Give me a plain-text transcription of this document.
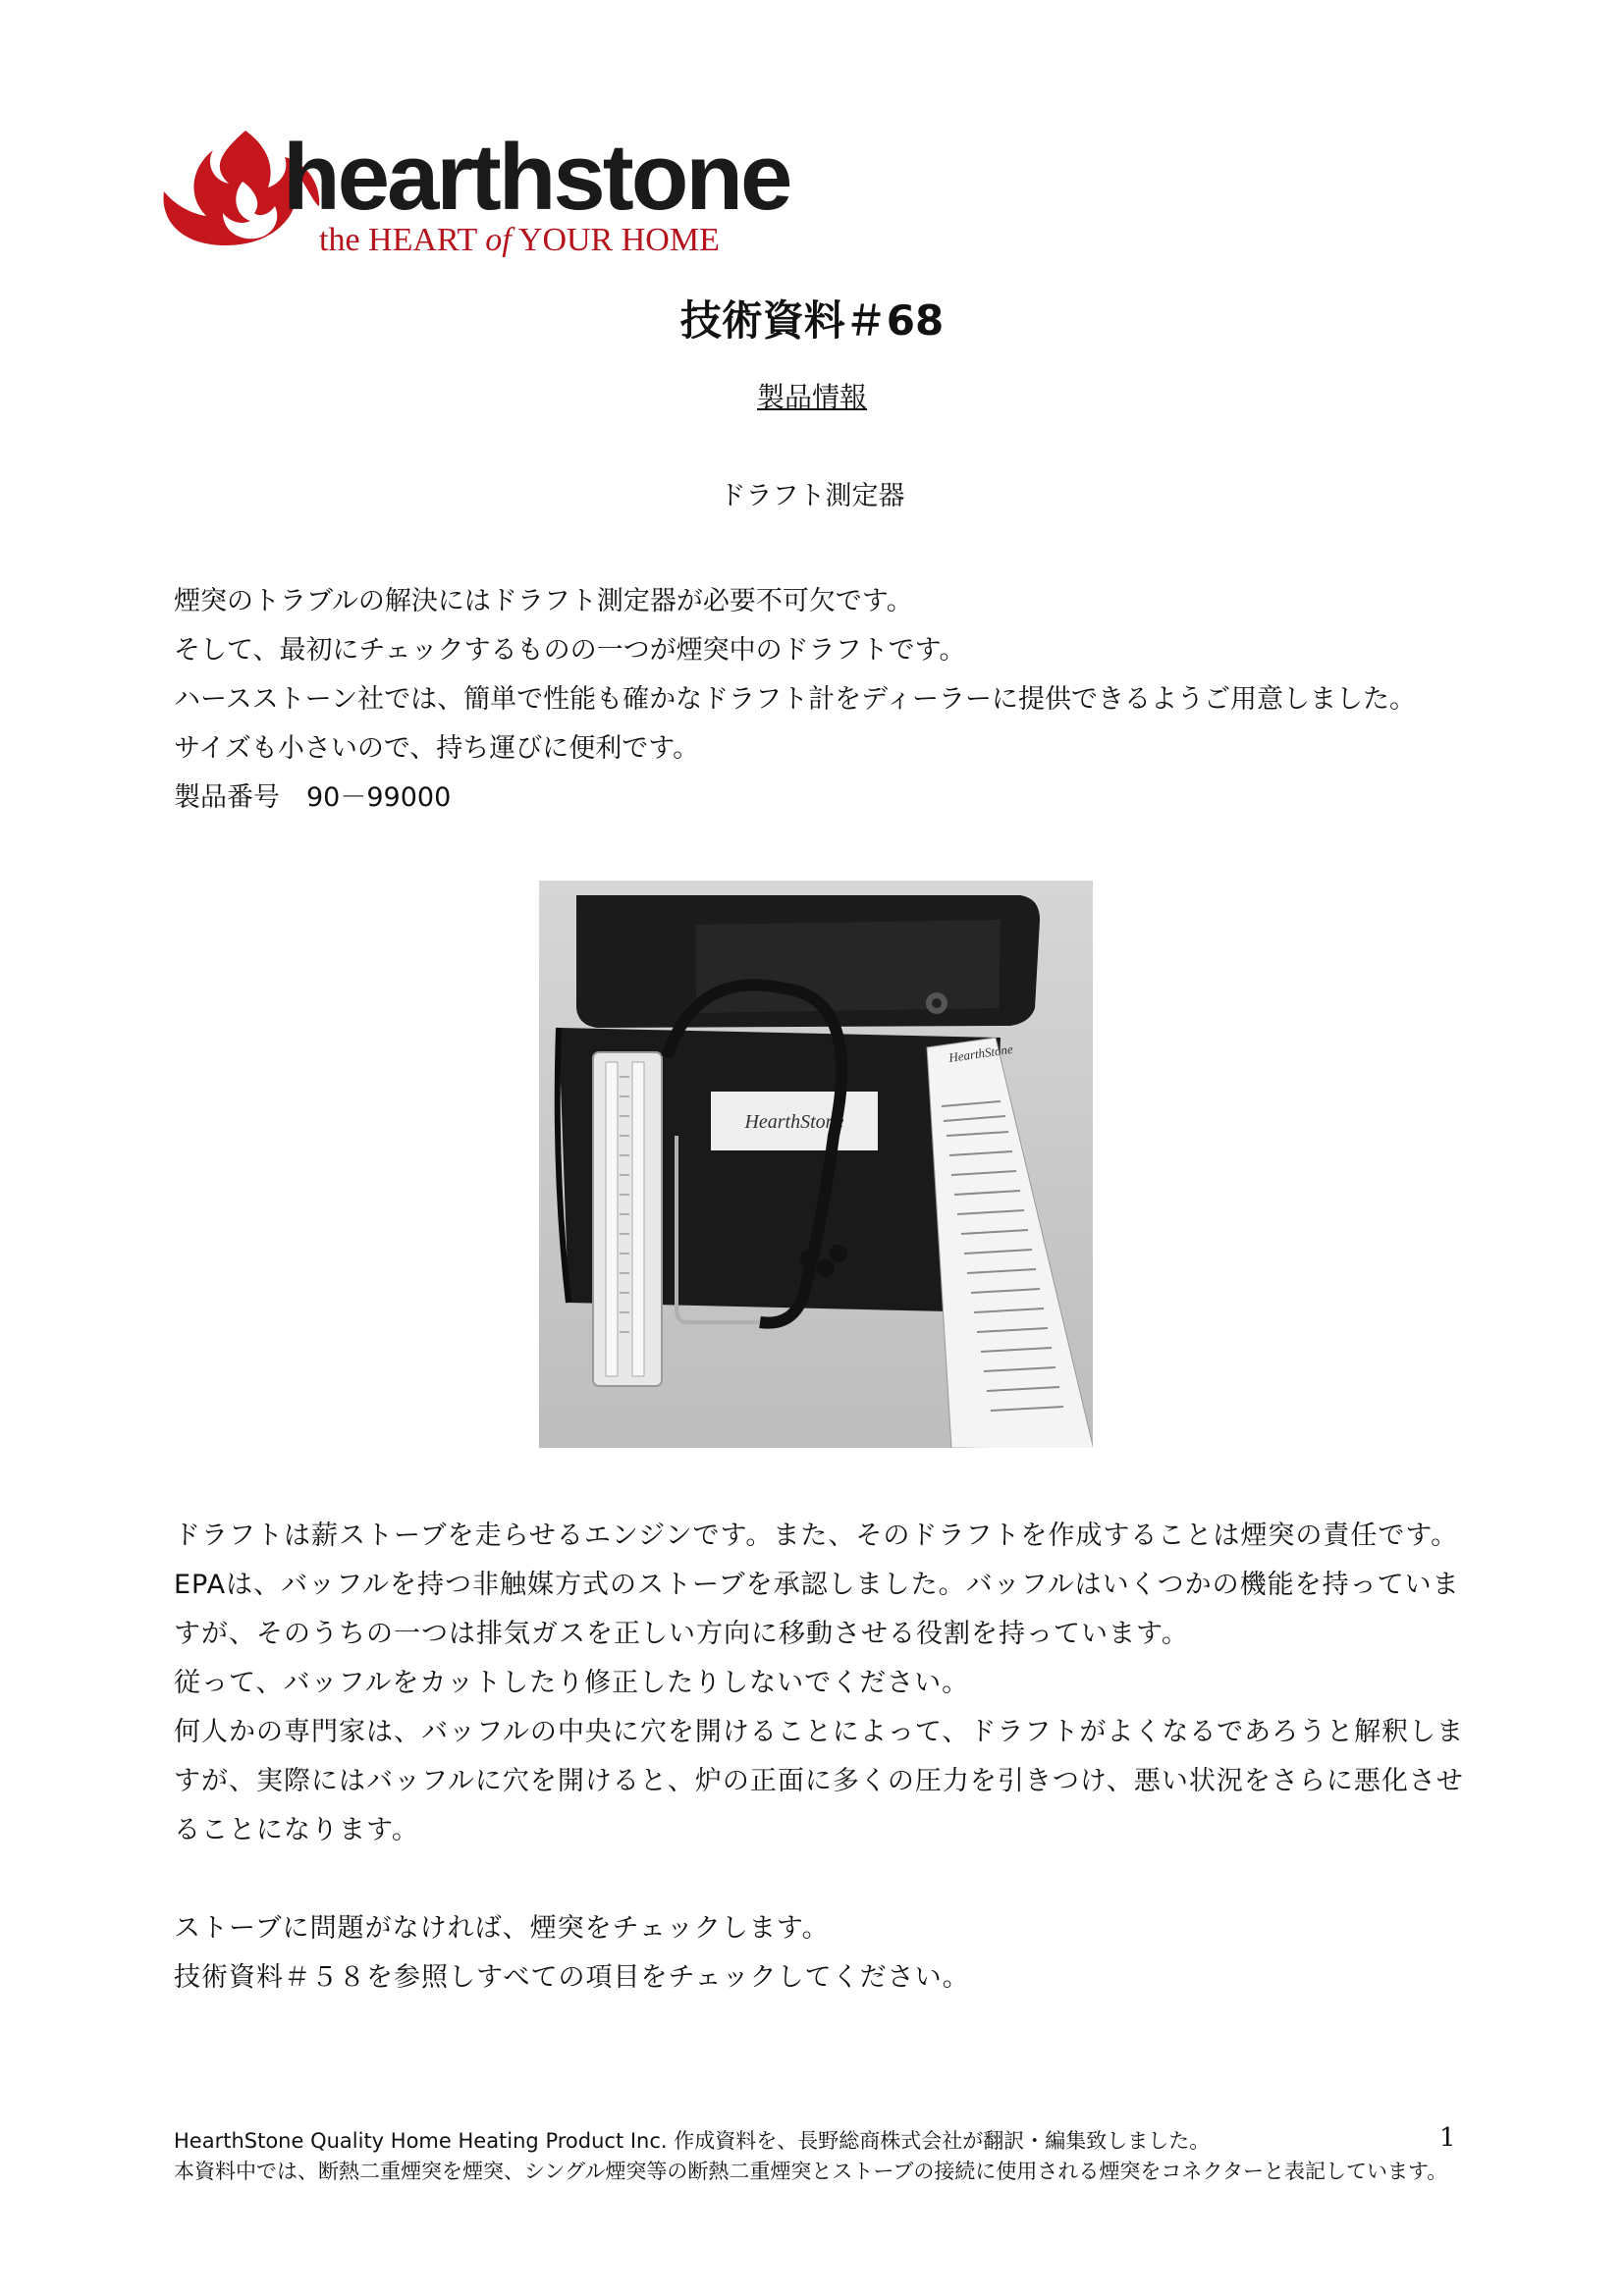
hearthstone
the HEART of YOUR HOME
技術資料＃68
製品情報
ドラフト測定器

煙突のトラブルの解決にはドラフト測定器が必要不可欠です。

そして、最初にチェックするものの一つが煙突中のドラフトです。

ハースストーン社では、簡単で性能も確かなドラフト計をディーラーに提供できるようご用意しました。

サイズも小さいので、持ち運びに便利です。

製品番号　90－99000

HearthStone
HearthStone

ドラフトは薪ストーブを走らせるエンジンです。また、そのドラフトを作成することは煙突の責任です。

EPAは、バッフルを持つ非触媒方式のストーブを承認しました。バッフルはいくつかの機能を持っていますが、そのうちの一つは排気ガスを正しい方向に移動させる役割を持っています。

従って、バッフルをカットしたり修正したりしないでください。

何人かの専門家は、バッフルの中央に穴を開けることによって、ドラフトがよくなるであろうと解釈しますが、実際にはバッフルに穴を開けると、炉の正面に多くの圧力を引きつけ、悪い状況をさらに悪化させることになります。

ストーブに問題がなければ、煙突をチェックします。

技術資料＃５８を参照しすべての項目をチェックしてください。

HearthStone Quality Home Heating Product Inc. 作成資料を、長野総商株式会社が翻訳・編集致しました。

本資料中では、断熱二重煙突を煙突、シングル煙突等の断熱二重煙突とストーブの接続に使用される煙突をコネクターと表記しています。

1
